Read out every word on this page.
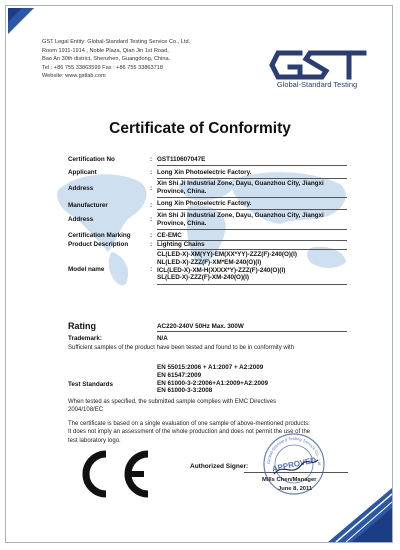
GST Legal Entity: Global-Standard Testing Service Co., Ltd.
Room 1911-1914 , Noble Plaza, Qian Jin 1st Road,
Bao An 30th district, Shenzhen, Guangdong, China.
Tel : +86 755 33863599 Fax : +86 755 33863718
Website: www.gstlab.com
GST Global-Standard Testing
Certificate of Conformity
Certification No	: GST110607047E
Applicant	: Long Xin Photoelectric Factory.
Address	:
Xin Shi Ji Industrial Zone, Dayu, Guanzhou City, Jiangxi
Province, China.
Manufacturer	: Long Xin Photoelectric Factory.
Address	:
Xin Shi Ji Industrial Zone, Dayu, Guanzhou City, Jiangxi
Province, China.
Certification Marking	: CE-EMC
Product Description	: Lighting Chains
Model name	:
CL(LED-X)-XM(YY)-EM(XX*YY)-ZZZ(F)-240(O)(I)
NL(LED-X)-ZZZ(F)-XM*EM-240(O)(I)
ICL(LED-X)-XM-H(XXXX*Y)-ZZZ(F)-240(O)(I)
SL(LED-X)-ZZZ(F)-XM-240(O)(I)
Rating	AC220-240V 50Hz Max. 300W
Trademark:	N/A
Sufficient samples of the product have been tested and found to be in conformity with
Test Standards
EN 55015:2006 + A1:2007 + A2:2009
EN 61547:2009
EN 61000-3-2:2006+A1:2009+A2:2009
EN 61000-3-3:2008
When tested as specified, the submitted sample complies with EMC Directives
2004/108/EC
The certificate is based on a single evaluation of one sample of above-mentioned products.
It does not imply an assessment of the whole production and does not permit the use of the
test laboratory logo.
CE
Authorized Signer:
Global-Standard Testing Service Co., Ltd
APPROVED
Mills Chen/Manager
June 8, 2011
